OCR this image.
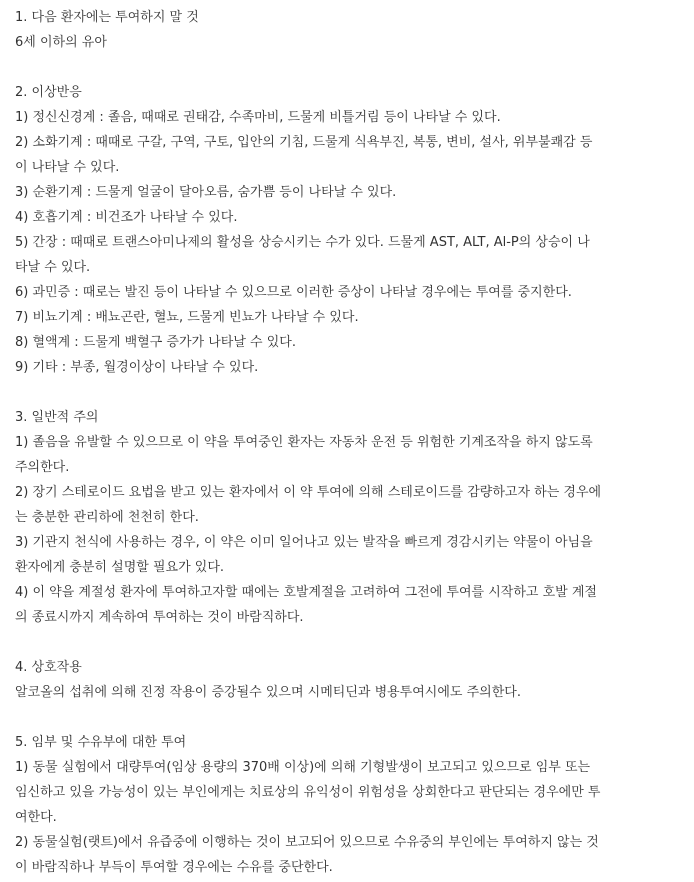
1. 다음 환자에는 투여하지 말 것
6세 이하의 유아
2. 이상반응
1) 정신신경계 : 졸음, 때때로 권태감, 수족마비, 드물게 비틀거림 등이 나타날 수 있다.
2) 소화기계 : 때때로 구갈, 구역, 구토, 입안의 기침, 드물게 식욕부진, 복통, 변비, 설사, 위부불쾌감 등
이 나타날 수 있다.
3) 순환기계 : 드물게 얼굴이 달아오름, 숨가쁨 등이 나타날 수 있다.
4) 호흡기계 : 비건조가 나타날 수 있다.
5) 간장 : 때때로 트랜스아미나제의 활성을 상승시키는 수가 있다. 드물게 AST, ALT, Al-P의 상승이 나
타날 수 있다.
6) 과민증 : 때로는 발진 등이 나타날 수 있으므로 이러한 증상이 나타날 경우에는 투여를 중지한다.
7) 비뇨기계 : 배뇨곤란, 혈뇨, 드물게 빈뇨가 나타날 수 있다.
8) 혈액계 : 드물게 백혈구 증가가 나타날 수 있다.
9) 기타 : 부종, 월경이상이 나타날 수 있다.
3. 일반적 주의
1) 졸음을 유발할 수 있으므로 이 약을 투여중인 환자는 자동차 운전 등 위험한 기계조작을 하지 않도록
주의한다.
2) 장기 스테로이드 요법을 받고 있는 환자에서 이 약 투여에 의해 스테로이드를 감량하고자 하는 경우에
는 충분한 관리하에 천천히 한다.
3) 기관지 천식에 사용하는 경우, 이 약은 이미 일어나고 있는 발작을 빠르게 경감시키는 약물이 아님을
환자에게 충분히 설명할 필요가 있다.
4) 이 약을 계절성 환자에 투여하고자할 때에는 호발계절을 고려하여 그전에 투여를 시작하고 호발 계절
의 종료시까지 계속하여 투여하는 것이 바람직하다.
4. 상호작용
알코올의 섭취에 의해 진정 작용이 증강될수 있으며 시메티딘과 병용투여시에도 주의한다.
5. 임부 및 수유부에 대한 투여
1) 동물 실험에서 대량투여(임상 용량의 370배 이상)에 의해 기형발생이 보고되고 있으므로 임부 또는
임신하고 있을 가능성이 있는 부인에게는 치료상의 유익성이 위험성을 상회한다고 판단되는 경우에만 투
여한다.
2) 동물실험(랫트)에서 유즙중에 이행하는 것이 보고되어 있으므로 수유중의 부인에는 투여하지 않는 것
이 바람직하나 부득이 투여할 경우에는 수유를 중단한다.
